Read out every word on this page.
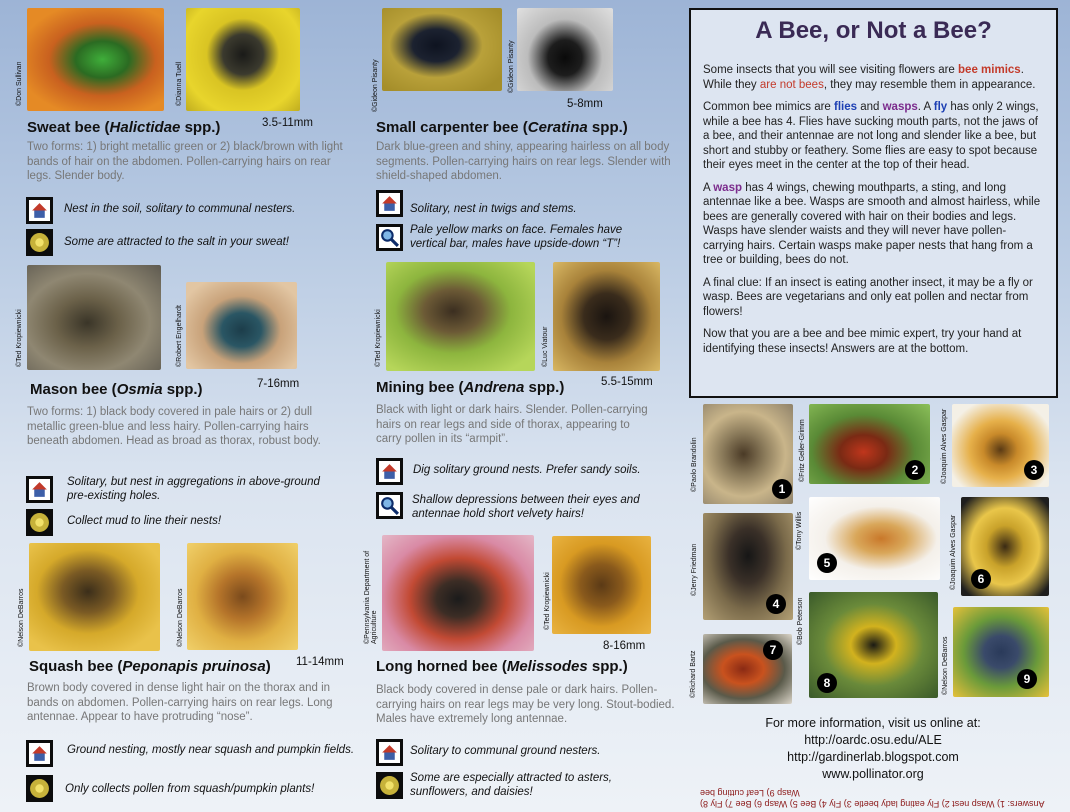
©Don Sullivan	©Dianna Tuell
Sweat bee (Halictidae spp.)	3.5-11mm
Two forms: 1) bright metallic green or 2) black/brown with light bands of hair on the abdomen. Pollen-carrying hairs on rear legs. Slender body.
Nest in the soil, solitary to communal nesters.
Some are attracted to the salt in your sweat!
©Ted Kropiewnicki	©Robert Engelhardt
Mason bee (Osmia spp.)	7-16mm
Two forms: 1) black body covered in pale hairs or 2) dull metallic green-blue and less hairy. Pollen-carrying hairs beneath abdomen. Head as broad as thorax, robust body.
Solitary, but nest in aggregations in above-ground pre-existing holes.
Collect mud to line their nests!
©Nelson DeBarros	©Nelson DeBarros
Squash bee (Peponapis pruinosa) 11-14mm
Brown body covered in dense light hair on the thorax and in bands on abdomen. Pollen-carrying hairs on rear legs. Long antennae. Appear to have protruding “nose”.
Ground nesting, mostly near squash and pumpkin fields.
Only collects pollen from squash/pumpkin plants!
©Gideon Pisanty	©Gideon Pisanty
5-8mm
Small carpenter bee (Ceratina spp.)
Dark blue-green and shiny, appearing hairless on all body segments. Pollen-carrying hairs on rear legs. Slender with shield-shaped abdomen.
Solitary, nest in twigs and stems.
Pale yellow marks on face. Females have vertical bar, males have upside-down “T”!
©Ted Kropiewnicki	©Luc Viatour
Mining bee (Andrena spp.)	5.5-15mm
Black with light or dark hairs. Slender. Pollen-carrying hairs on rear legs and side of thorax, appearing to carry pollen in its “armpit”.
Dig solitary ground nests. Prefer sandy soils.
Shallow depressions between their eyes and antennae hold short velvety hairs!
©Pennsylvania Department of Agriculture	©Ted Kropiewnicki
8-16mm
Long horned bee (Melissodes spp.)
Black body covered in dense pale or dark hairs. Pollen-carrying hairs on rear legs may be very long. Stout-bodied. Males have extremely long antennae.
Solitary to communal ground nesters.
Some are especially attracted to asters, sunflowers, and daisies!
A Bee, or Not a Bee?

Some insects that you will see visiting flowers are bee mimics. While they are not bees, they may resemble them in appearance.

Common bee mimics are flies and wasps. A fly has only 2 wings, while a bee has 4. Flies have sucking mouth parts, not the jaws of a bee, and their antennae are not long and slender like a bee, but short and stubby or feathery. Some flies are easy to spot because their eyes meet in the center at the top of their head.

A wasp has 4 wings, chewing mouthparts, a sting, and long antennae like a bee. Wasps are smooth and almost hairless, while bees are generally covered with hair on their bodies and legs. Wasps have slender waists and they will never have pollen-carrying hairs. Certain wasps make paper nests that hang from a tree or building, bees do not.

A final clue: If an insect is eating another insect, it may be a fly or wasp. Bees are vegetarians and only eat pollen and nectar from flowers!

Now that you are a bee and bee mimic expert, try your hand at identifying these insects! Answers are at the bottom.

1
©Paolo Brandolin	2
©Fritz Geller-Grimm	3
©Joaquim Alves Gaspar
4
©Jerry Friedman	5
©Tony Willis
6
©Joaquim Alves Gaspar
7
©Richard Bartz	8
©Bob Peterson
9
©Nelson DeBarros
For more information, visit us online at:
http://oardc.osu.edu/ALE
http://gardinerlab.blogspot.com
www.pollinator.org
Answers: 1) Wasp nest 2) Fly eating lady beetle 3) Fly 4) Bee 5) Wasp 6) Bee 7) Fly 8) Wasp 9) Leaf cutting bee
